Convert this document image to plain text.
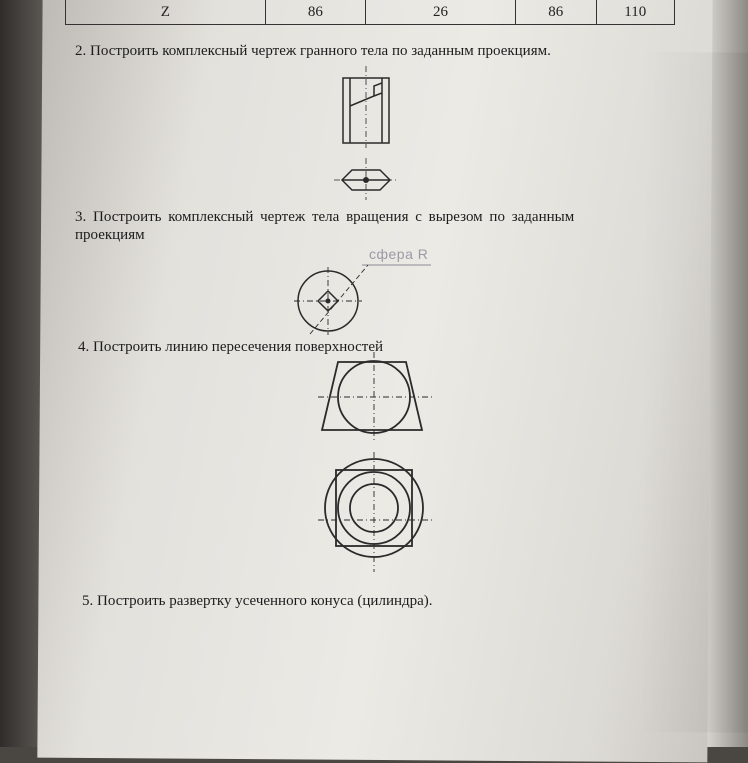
Z	86	26	86	110
2. Построить комплексный чертеж гранного тела по заданным проекциям.
3. Построить комплексный чертеж тела вращения с вырезом по заданным
проекциям
сфера R
4. Построить линию пересечения поверхностей
5. Построить развертку усеченного конуса (цилиндра).
